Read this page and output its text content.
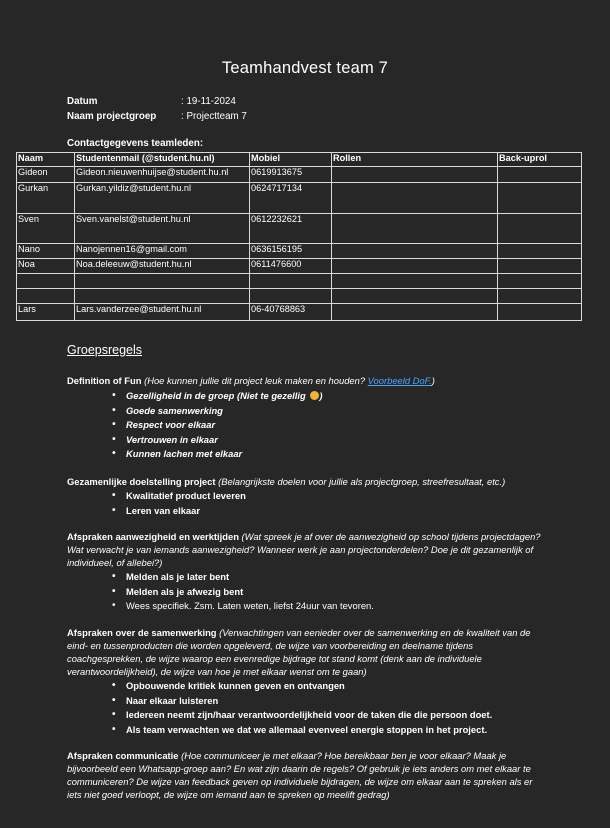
Teamhandvest team 7
Datum	: 19-11-2024
Naam projectgroep	: Projectteam 7
Contactgegevens teamleden:
Naam	Studentenmail (@student.hu.nl)	Mobiel	Rollen	Back-uprol
Gideon	Gideon.nieuwenhuijse@student.hu.nl	0619913675		
Gurkan	Gurkan.yildiz@student.hu.nl	0624717134		
Sven	Sven.vanelst@student.hu.nl	0612232621		
Nano	Nanojennen16@gmail.com	0636156195		
Noa	Noa.deleeuw@student.hu.nl	0611476600		

Lars	Lars.vanderzee@student.hu.nl	06-40768863		
Groepsregels
Definition of Fun (Hoe kunnen jullie dit project leuk maken en houden? Voorbeeld DoF.)
• Gezelligheid in de groep (Niet te gezellig )
• Goede samenwerking
• Respect voor elkaar
• Vertrouwen in elkaar
• Kunnen lachen met elkaar
Gezamenlijke doelstelling project (Belangrijkste doelen voor jullie als projectgroep, streefresultaat, etc.)
• Kwalitatief product leveren
• Leren van elkaar
Afspraken aanwezigheid en werktijden (Wat spreek je af over de aanwezigheid op school tijdens projectdagen? Wat verwacht je van iemands aanwezigheid? Wanneer werk je aan projectonderdelen? Doe je dit gezamenlijk of individueel, of allebei?)
• Melden als je later bent
• Melden als je afwezig bent
• Wees specifiek. Zsm. Laten weten, liefst 24uur van tevoren.
Afspraken over de samenwerking (Verwachtingen van eenieder over de samenwerking en de kwaliteit van de eind- en tussenproducten die worden opgeleverd, de wijze van voorbereiding en deelname tijdens coachgesprekken, de wijze waarop een evenredige bijdrage tot stand komt (denk aan de individuele verantwoordelijkheid), de wijze van hoe je met elkaar wenst om te gaan)
• Opbouwende kritiek kunnen geven en ontvangen
• Naar elkaar luisteren
• Iedereen neemt zijn/haar verantwoordelijkheid voor de taken die die persoon doet.
• Als team verwachten we dat we allemaal evenveel energie stoppen in het project.
Afspraken communicatie (Hoe communiceer je met elkaar? Hoe bereikbaar ben je voor elkaar? Maak je bijvoorbeeld een Whatsapp-groep aan? En wat zijn daarin de regels? Of gebruik je iets anders om met elkaar te communiceren? De wijze van feedback geven op individuele bijdragen, de wijze om elkaar aan te spreken als er iets niet goed verloopt, de wijze om iemand aan te spreken op meelift gedrag)
